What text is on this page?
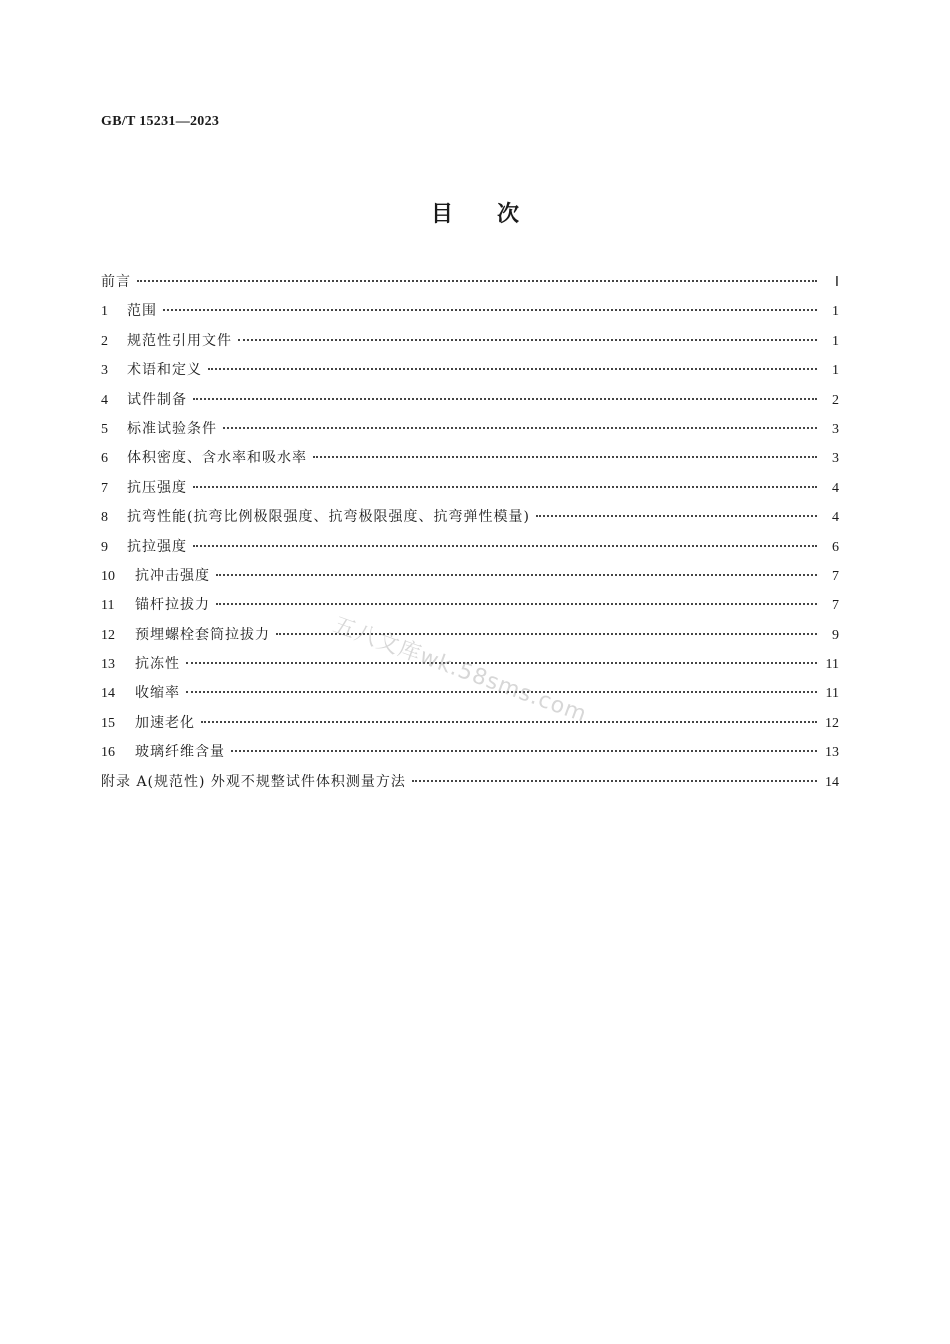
GB/T 15231—2023
目次
前言	Ⅰ
1	范围	1
2	规范性引用文件	1
3	术语和定义	1
4	试件制备	2
5	标准试验条件	3
6	体积密度、含水率和吸水率	3
7	抗压强度	4
8	抗弯性能(抗弯比例极限强度、抗弯极限强度、抗弯弹性模量)	4
9	抗拉强度	6
10	抗冲击强度	7
11	锚杆拉拔力	7
12	预埋螺栓套筒拉拔力	9
13	抗冻性	11
14	收缩率	11
15	加速老化	12
16	玻璃纤维含量	13
附录 A(规范性) 外观不规整试件体积测量方法	14
五八文库wk.58sms.com
